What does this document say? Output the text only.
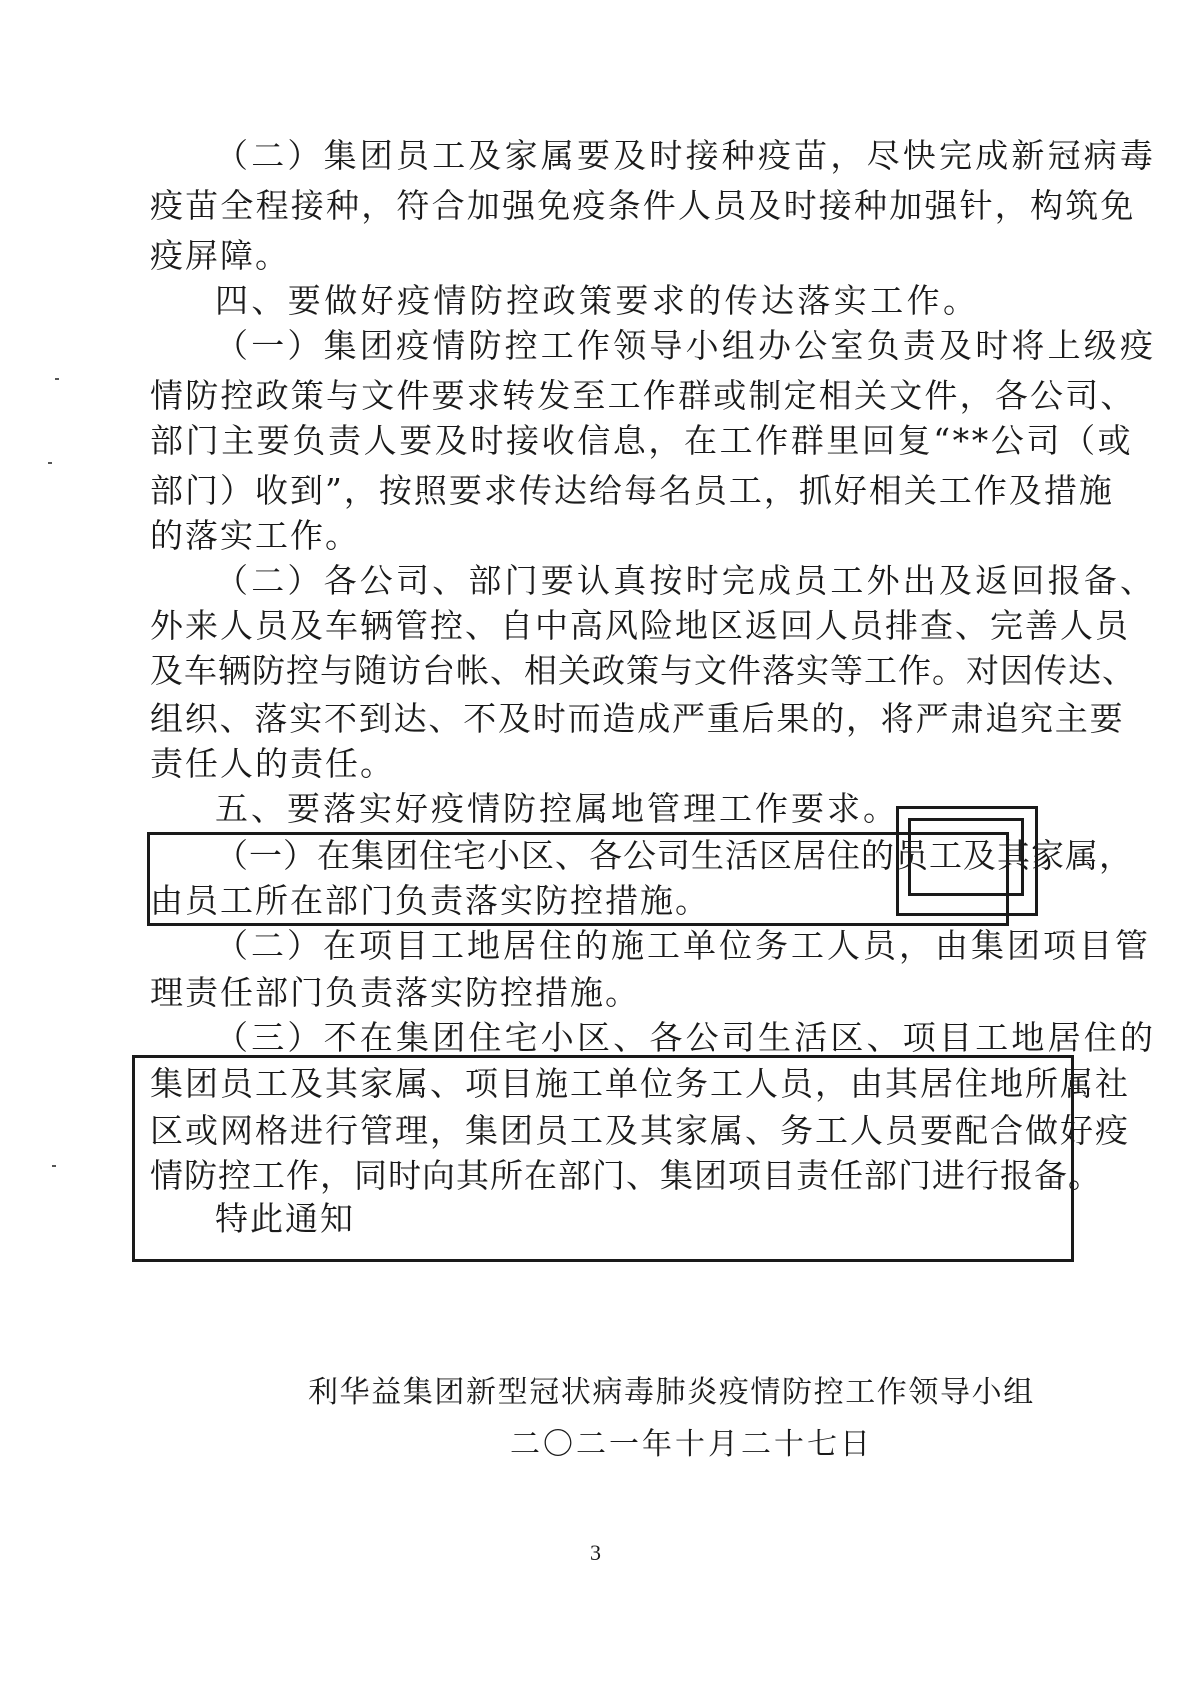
（二）集团员工及家属要及时接种疫苗，尽快完成新冠病毒
疫苗全程接种，符合加强免疫条件人员及时接种加强针，构筑免
疫屏障。
四、要做好疫情防控政策要求的传达落实工作。
（一）集团疫情防控工作领导小组办公室负责及时将上级疫
情防控政策与文件要求转发至工作群或制定相关文件，各公司、
部门主要负责人要及时接收信息，在工作群里回复“**公司（或
部门）收到”，按照要求传达给每名员工，抓好相关工作及措施
的落实工作。
（二）各公司、部门要认真按时完成员工外出及返回报备、
外来人员及车辆管控、自中高风险地区返回人员排查、完善人员
及车辆防控与随访台帐、相关政策与文件落实等工作。对因传达、
组织、落实不到达、不及时而造成严重后果的，将严肃追究主要
责任人的责任。
五、要落实好疫情防控属地管理工作要求。
（一）在集团住宅小区、各公司生活区居住的员工及其家属，
由员工所在部门负责落实防控措施。
（二）在项目工地居住的施工单位务工人员，由集团项目管
理责任部门负责落实防控措施。
（三）不在集团住宅小区、各公司生活区、项目工地居住的
集团员工及其家属、项目施工单位务工人员，由其居住地所属社
区或网格进行管理，集团员工及其家属、务工人员要配合做好疫
情防控工作，同时向其所在部门、集团项目责任部门进行报备。
特此通知
利华益集团新型冠状病毒肺炎疫情防控工作领导小组
二〇二一年十月二十七日
3
